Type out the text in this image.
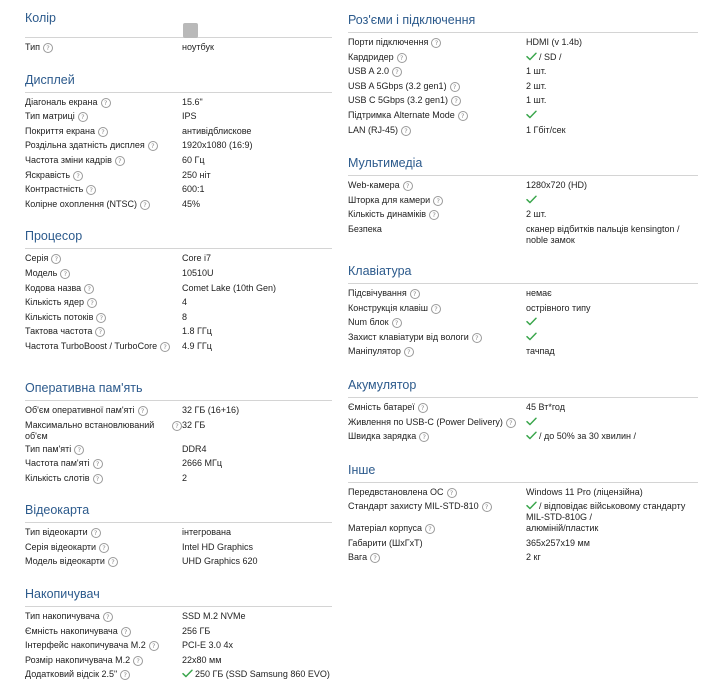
Колір
Тип ?	ноутбук
Дисплей
Діагональ екрана ?	15.6"
Тип матриці ?	IPS
Покриття екрана ?	антивідблискове
Роздільна здатність дисплея ?	1920x1080 (16:9)
Частота зміни кадрів ?	60 Гц
Яскравість ?	250 ніт
Контрастність ?	600:1
Колірне охоплення (NTSC) ?	45%
Процесор
Серія ?	Core i7
Модель ?	10510U
Кодова назва ?	Comet Lake (10th Gen)
Кількість ядер ?	4
Кількість потоків ?	8
Тактова частота ?	1.8 ГГц
Частота TurboBoost / TurboCore ?	4.9 ГГц
Оперативна пам'ять
Об'єм оперативної пам'яті ?	32 ГБ (16+16)
Максимально встановлюваний об'єм
? 32 ГБ
Тип пам'яті ?	DDR4
Частота пам'яті ?	2666 МГц
Кількість слотів ?	2
Відеокарта
Тип відеокарти ?	інтегрована
Серія відеокарти ?	Intel HD Graphics
Модель відеокарти ?	UHD Graphics 620
Накопичувач
Тип накопичувача ?	SSD M.2 NVMe
Ємність накопичувача ?	256 ГБ
Інтерфейс накопичувача M.2 ?	PCI-E 3.0 4x
Розмір накопичувача M.2 ?	22x80 мм
Додатковий відсік 2.5" ?	250 ГБ (SSD Samsung 860 EVO)
Роз'єми і підключення
Порти підключення ?	HDMI (v 1.4b)
Кардридер ?	/ SD /
USB A 2.0 ?	1 шт.
USB A 5Gbps (3.2 gen1) ?	2 шт.
USB C 5Gbps (3.2 gen1) ?	1 шт.
Підтримка Alternate Mode ?
LAN (RJ-45) ?	1 Гбіт/сек
Мультимедіа
Web-камера ?	1280x720 (HD)
Шторка для камери ?
Кількість динаміків ?	2 шт.
Безпека	сканер відбитків пальців kensington / noble замок
Клавіатура
Підсвічування ?	немає
Конструкція клавіш ?	острівного типу
Num блок ?
Захист клавіатури від вологи ?
Маніпулятор ?	тачпад
Акумулятор
Ємність батареї ?	45 Вт*год
Живлення по USB-C (Power Delivery) ?
Швидка зарядка ?	/ до 50% за 30 хвилин /
Інше
Передвстановлена ОС ?	Windows 11 Pro (ліцензійна)
Стандарт захисту MIL-STD-810 ?	/ відповідає військовому стандарту MIL-STD-810G /
Матеріал корпуса ?	алюміній/пластик
Габарити (ШхГхТ)	365x257x19 мм
Вага ?	2 кг
